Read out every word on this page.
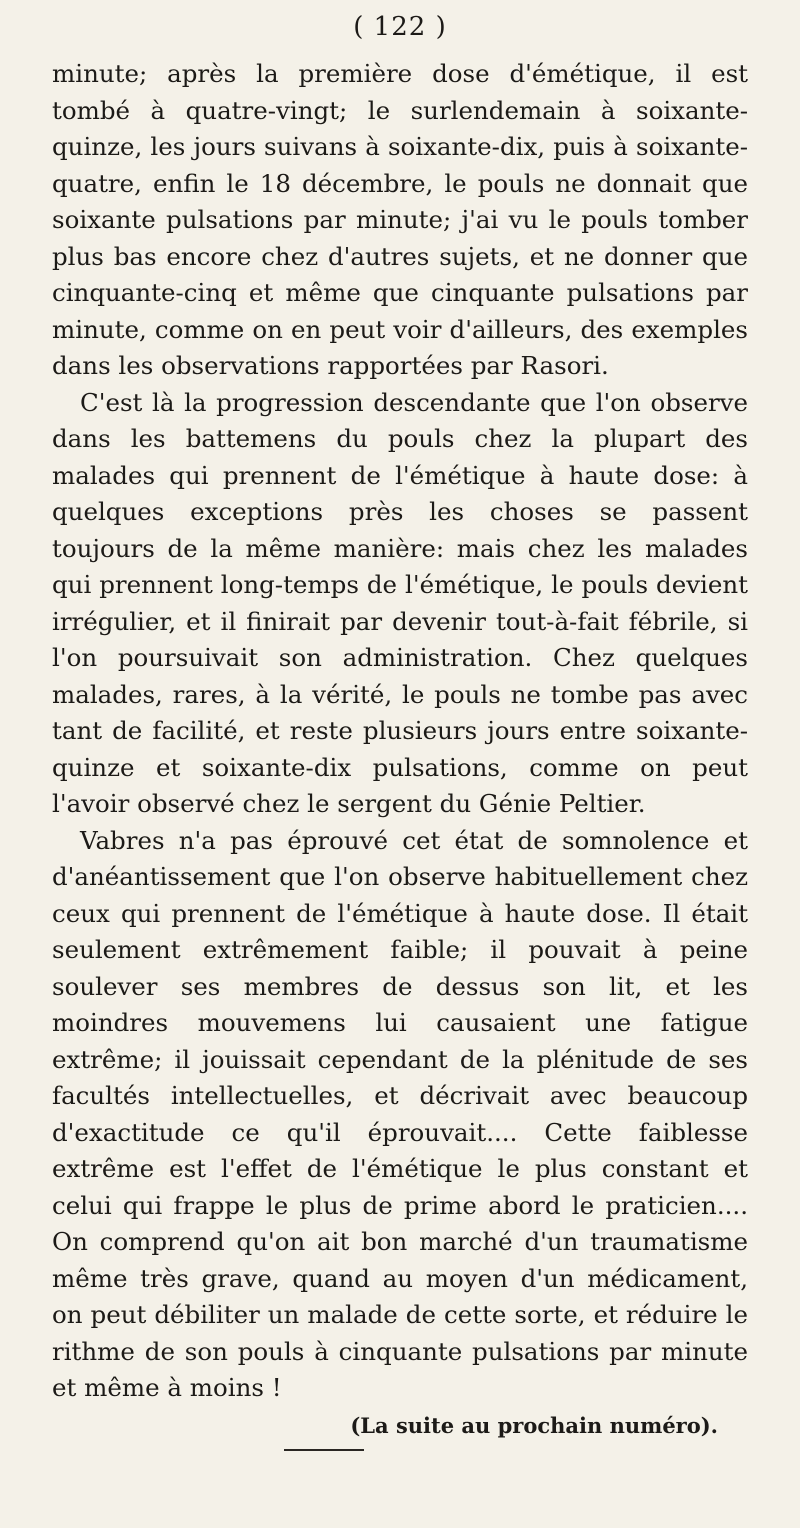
( 122 )

minute; après la première dose d'émétique, il est tombé à quatre-vingt; le surlendemain à soixante-quinze, les jours suivans à soixante-dix, puis à soixante-quatre, enfin le 18 décembre, le pouls ne donnait que soixante pulsations par minute; j'ai vu le pouls tomber plus bas encore chez d'autres sujets, et ne donner que cinquante-cinq et même que cinquante pulsations par minute, comme on en peut voir d'ailleurs, des exemples dans les observations rapportées par Rasori.

C'est là la progression descendante que l'on observe dans les battemens du pouls chez la plupart des malades qui prennent de l'émétique à haute dose: à quelques exceptions près les choses se passent toujours de la même manière: mais chez les malades qui prennent long-temps de l'émétique, le pouls devient irrégulier, et il finirait par devenir tout-à-fait fébrile, si l'on poursuivait son administration. Chez quelques malades, rares, à la vérité, le pouls ne tombe pas avec tant de facilité, et reste plusieurs jours entre soixante-quinze et soixante-dix pulsations, comme on peut l'avoir observé chez le sergent du Génie Peltier.

Vabres n'a pas éprouvé cet état de somnolence et d'anéantissement que l'on observe habituellement chez ceux qui prennent de l'émétique à haute dose. Il était seulement extrêmement faible; il pouvait à peine soulever ses membres de dessus son lit, et les moindres mouvemens lui causaient une fatigue extrême; il jouissait cependant de la plénitude de ses facultés intellectuelles, et décrivait avec beaucoup d'exactitude ce qu'il éprouvait.... Cette faiblesse extrême est l'effet de l'émétique le plus constant et celui qui frappe le plus de prime abord le praticien.... On comprend qu'on ait bon marché d'un traumatisme même très grave, quand au moyen d'un médicament, on peut débiliter un malade de cette sorte, et réduire le rithme de son pouls à cinquante pulsations par minute et même à moins !

(La suite au prochain numéro).
